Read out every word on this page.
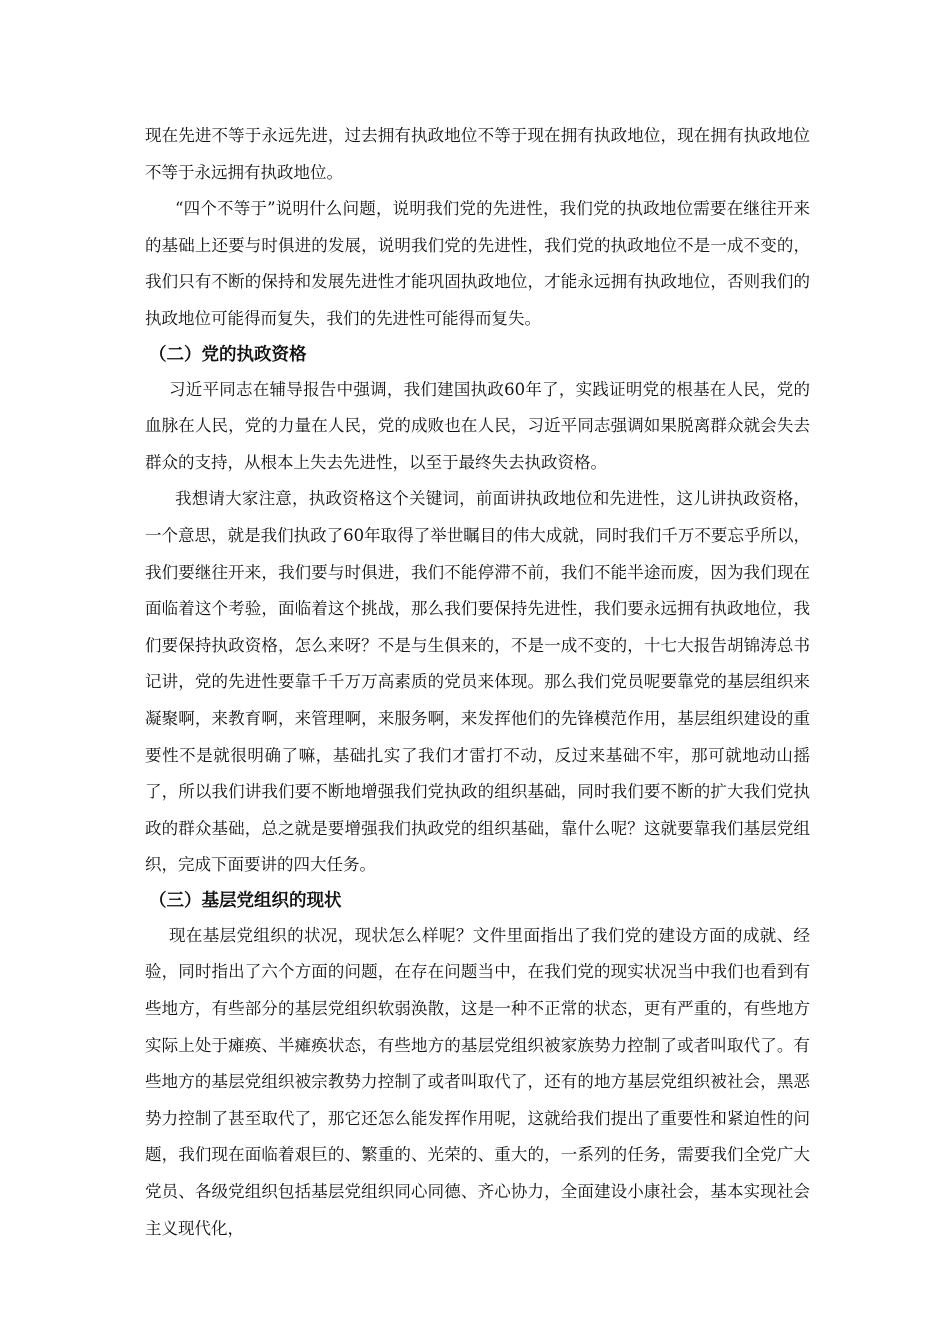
现在先进不等于永远先进，过去拥有执政地位不等于现在拥有执政地位，现在拥有执政地位不等于永远拥有执政地位。

“四个不等于”说明什么问题，说明我们党的先进性，我们党的执政地位需要在继往开来的基础上还要与时俱进的发展，说明我们党的先进性，我们党的执政地位不是一成不变的，我们只有不断的保持和发展先进性才能巩固执政地位，才能永远拥有执政地位，否则我们的执政地位可能得而复失，我们的先进性可能得而复失。

（二）党的执政资格

习近平同志在辅导报告中强调，我们建国执政60年了，实践证明党的根基在人民，党的血脉在人民，党的力量在人民，党的成败也在人民，习近平同志强调如果脱离群众就会失去群众的支持，从根本上失去先进性，以至于最终失去执政资格。

我想请大家注意，执政资格这个关键词，前面讲执政地位和先进性，这儿讲执政资格，一个意思，就是我们执政了60年取得了举世瞩目的伟大成就，同时我们千万不要忘乎所以，我们要继往开来，我们要与时俱进，我们不能停滞不前，我们不能半途而废，因为我们现在面临着这个考验，面临着这个挑战，那么我们要保持先进性，我们要永远拥有执政地位，我们要保持执政资格，怎么来呀？不是与生俱来的，不是一成不变的，十七大报告胡锦涛总书记讲，党的先进性要靠千千万万高素质的党员来体现。那么我们党员呢要靠党的基层组织来凝聚啊，来教育啊，来管理啊，来服务啊，来发挥他们的先锋模范作用，基层组织建设的重要性不是就很明确了嘛，基础扎实了我们才雷打不动，反过来基础不牢，那可就地动山摇了，所以我们讲我们要不断地增强我们党执政的组织基础，同时我们要不断的扩大我们党执政的群众基础，总之就是要增强我们执政党的组织基础，靠什么呢？这就要靠我们基层党组织，完成下面要讲的四大任务。

（三）基层党组织的现状

现在基层党组织的状况，现状怎么样呢？文件里面指出了我们党的建设方面的成就、经验，同时指出了六个方面的问题，在存在问题当中，在我们党的现实状况当中我们也看到有些地方，有些部分的基层党组织软弱涣散，这是一种不正常的状态，更有严重的，有些地方实际上处于瘫痪、半瘫痪状态，有些地方的基层党组织被家族势力控制了或者叫取代了。有些地方的基层党组织被宗教势力控制了或者叫取代了，还有的地方基层党组织被社会，黑恶势力控制了甚至取代了，那它还怎么能发挥作用呢，这就给我们提出了重要性和紧迫性的问题，我们现在面临着艰巨的、繁重的、光荣的、重大的，一系列的任务，需要我们全党广大党员、各级党组织包括基层党组织同心同德、齐心协力，全面建设小康社会，基本实现社会主义现代化，
